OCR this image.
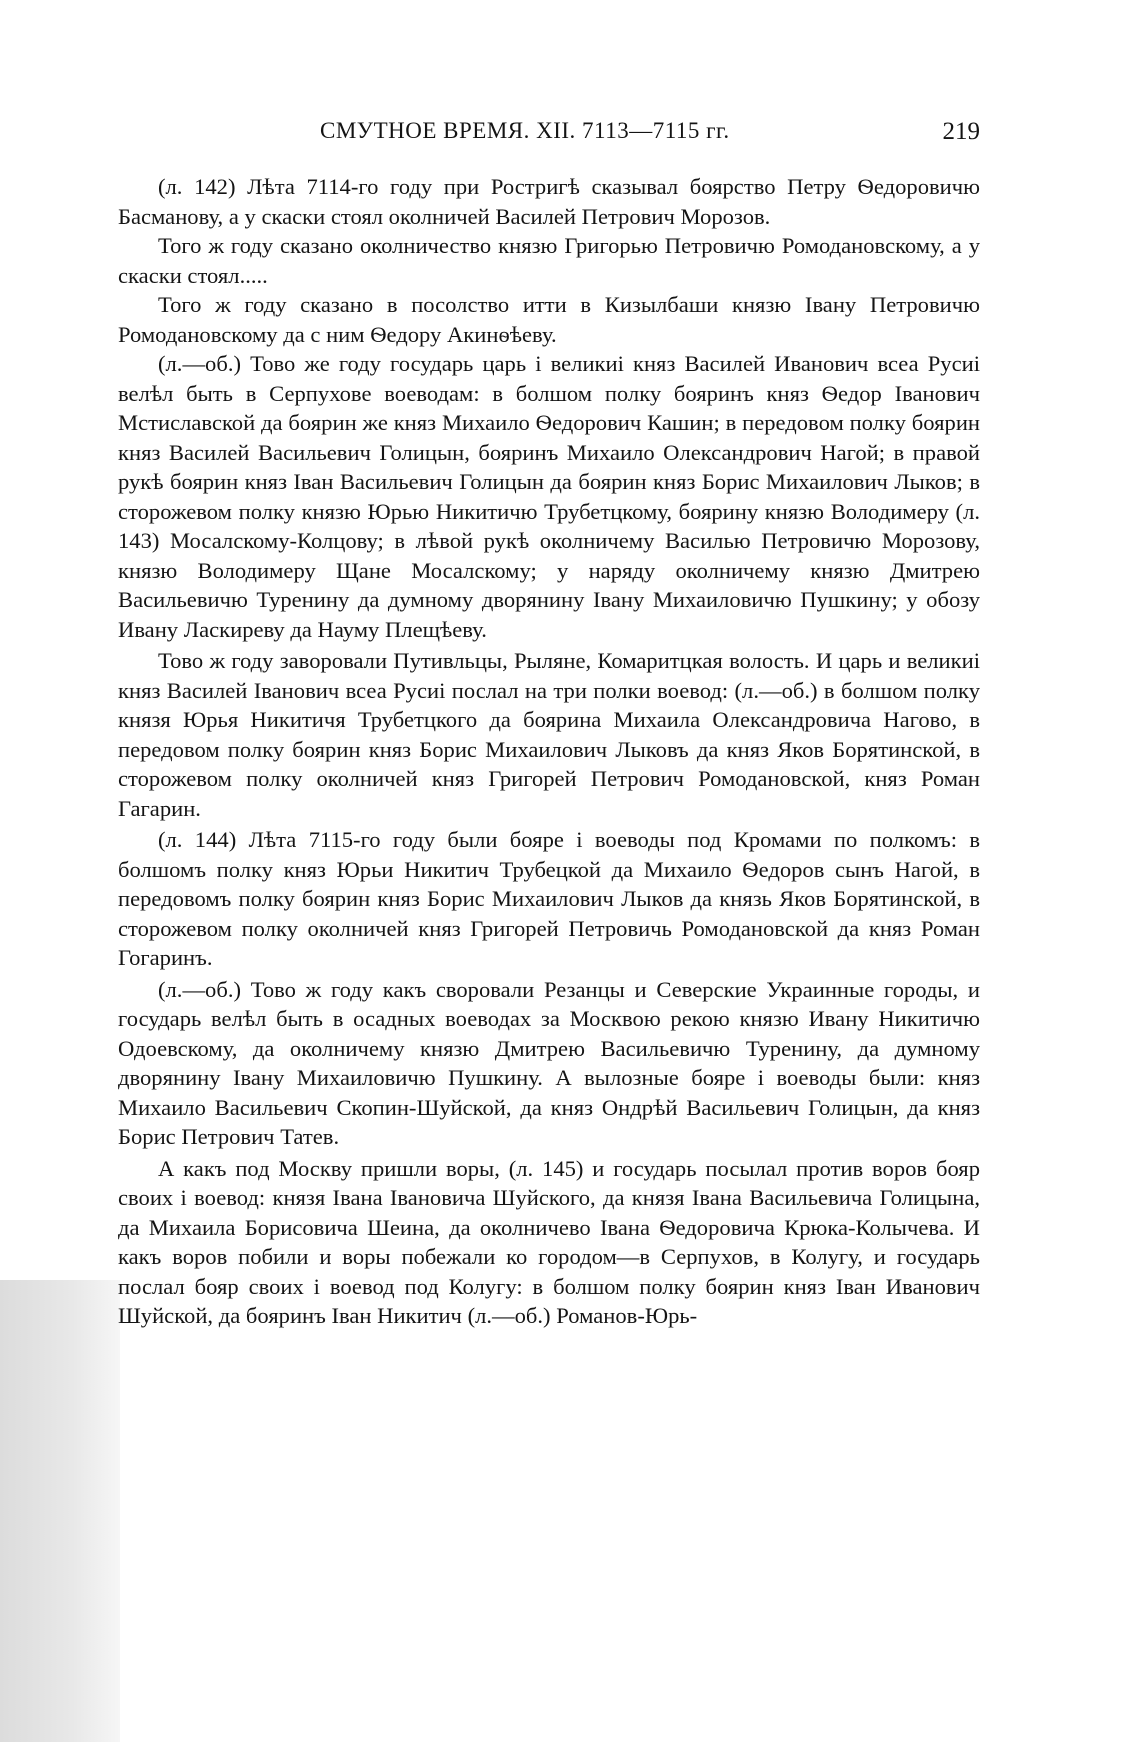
СМУТНОЕ ВРЕМЯ. XII. 7113—7115 гг.	219

(л. 142) Лѣта 7114-го году при Ростригѣ сказывал боярство Петру Ѳедоровичю Басманову, а у скаски стоял околничей Василей Петрович Морозов.

Того ж году сказано околничество князю Григорью Петровичю Ромодановскому, а у скаски стоял.....

Того ж году сказано в посолство итти в Кизылбаши князю Івану Петровичю Ромодановскому да с ним Ѳедору Акинѳѣеву.

(л.—об.) Тово же году государь царь і великиі княз Василей Иванович всеа Русиі велѣл быть в Серпухове воеводам: в болшом полку бояринъ княз Ѳедор Іванович Мстиславской да боярин же княз Михаило Ѳедорович Кашин; в передовом полку боярин княз Василей Васильевич Голицын, бояринъ Михаило Олександрович Нагой; в правой рукѣ боярин княз Іван Васильевич Голицын да боярин княз Борис Михаилович Лыков; в сторожевом полку князю Юрью Никитичю Трубетцкому, боярину князю Володимеру (л. 143) Мосалскому-Колцову; в лѣвой рукѣ околничему Василью Петровичю Морозову, князю Володимеру Щане Мосалскому; у наряду околничему князю Дмитрею Васильевичю Туренину да думному дворянину Івану Михаиловичю Пушкину; у обозу Ивану Ласкиреву да Науму Плещѣеву.

Тово ж году заворовали Путивльцы, Рыляне, Комаритцкая волость. И царь и великиі княз Василей Іванович всеа Русиі послал на три полки воевод: (л.—об.) в болшом полку князя Юрья Никитичя Трубетцкого да боярина Михаила Олександровича Нагово, в передовом полку боярин княз Борис Михаилович Лыковъ да княз Яков Борятинской, в сторожевом полку околничей княз Григорей Петрович Ромодановской, княз Роман Гагарин.

(л. 144) Лѣта 7115-го году были бояре і воеводы под Кромами по полкомъ: в болшомъ полку княз Юрьи Никитич Трубецкой да Михаило Ѳедоров сынъ Нагой, в передовомъ полку боярин княз Борис Михаилович Лыков да князь Яков Борятинской, в сторожевом полку околничей княз Григорей Петровичь Ромодановской да княз Роман Гогаринъ.

(л.—об.) Тово ж году какъ своровали Резанцы и Северские Украинные городы, и государь велѣл быть в осадных воеводах за Москвою рекою князю Ивану Никитичю Одоевскому, да околничему князю Дмитрею Васильевичю Туренину, да думному дворянину Івану Михаиловичю Пушкину. А вылозные бояре і воеводы были: княз Михаило Васильевич Скопин-Шуйской, да княз Ондрѣй Васильевич Голицын, да княз Борис Петрович Татев.

А какъ под Москву пришли воры, (л. 145) и государь посылал против воров бояр своих і воевод: князя Івана Івановича Шуйского, да князя Івана Васильевича Голицына, да Михаила Борисовича Шеина, да околничево Івана Ѳедоровича Крюка-Колычева. И какъ воров побили и воры побежали ко городом—в Серпухов, в Колугу, и государь послал бояр своих і воевод под Колугу: в болшом полку боярин княз Іван Иванович Шуйской, да бояринъ Іван Никитич (л.—об.) Романов-Юрь-
